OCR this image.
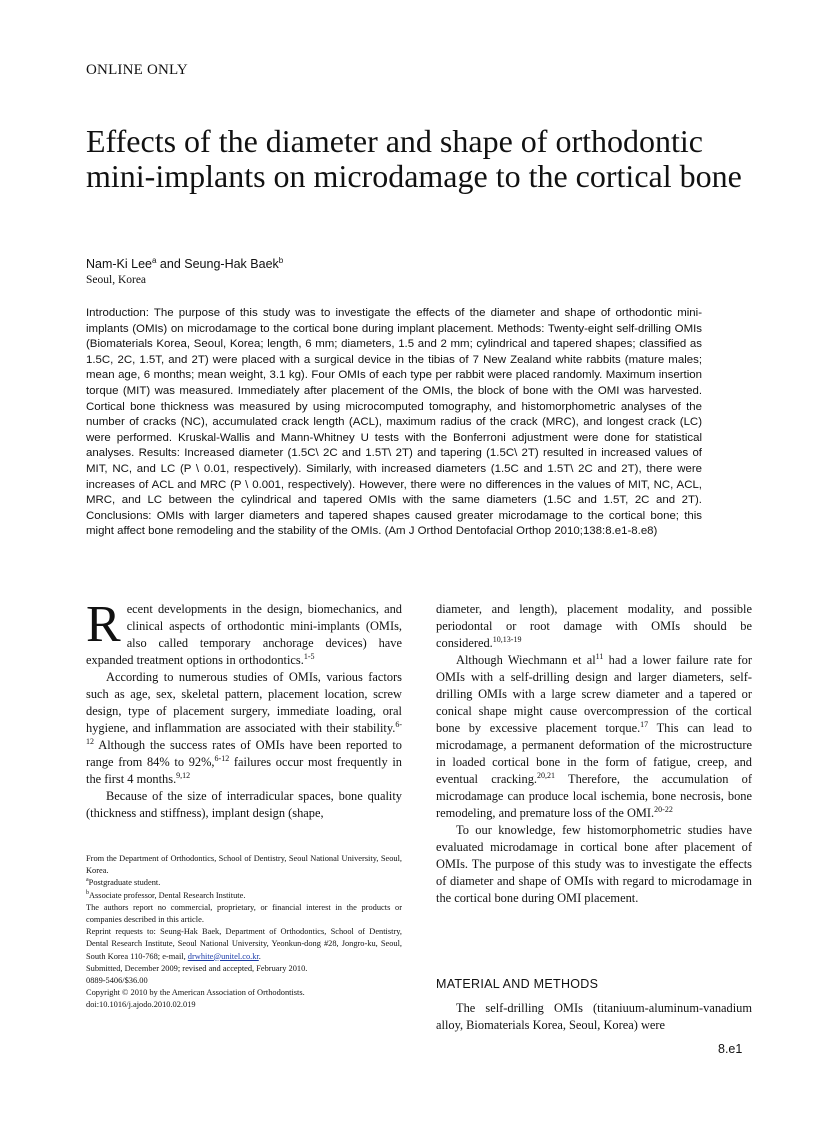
ONLINE ONLY
Effects of the diameter and shape of orthodontic mini-implants on microdamage to the cortical bone
Nam-Ki Lee$^a$ and Seung-Hak Baek$^b$
Seoul, Korea

Introduction: The purpose of this study was to investigate the effects of the diameter and shape of orthodontic mini-implants (OMIs) on microdamage to the cortical bone during implant placement. Methods: Twenty-eight self-drilling OMIs (Biomaterials Korea, Seoul, Korea; length, 6 mm; diameters, 1.5 and 2 mm; cylindrical and tapered shapes; classified as 1.5C, 2C, 1.5T, and 2T) were placed with a surgical device in the tibias of 7 New Zealand white rabbits (mature males; mean age, 6 months; mean weight, 3.1 kg). Four OMIs of each type per rabbit were placed randomly. Maximum insertion torque (MIT) was measured. Immediately after placement of the OMIs, the block of bone with the OMI was harvested. Cortical bone thickness was measured by using microcomputed tomography, and histomorphometric analyses of the number of cracks (NC), accumulated crack length (ACL), maximum radius of the crack (MRC), and longest crack (LC) were performed. Kruskal-Wallis and Mann-Whitney U tests with the Bonferroni adjustment were done for statistical analyses. Results: Increased diameter (1.5C\ 2C and 1.5T\ 2T) and tapering (1.5C\ 2T) resulted in increased values of MIT, NC, and LC (P \ 0.01, respectively). Similarly, with increased diameters (1.5C and 1.5T\ 2C and 2T), there were increases of ACL and MRC (P \ 0.001, respectively). However, there were no differences in the values of MIT, NC, ACL, MRC, and LC between the cylindrical and tapered OMIs with the same diameters (1.5C and 1.5T, 2C and 2T). Conclusions: OMIs with larger diameters and tapered shapes caused greater microdamage to the cortical bone; this might affect bone remodeling and the stability of the OMIs. (Am J Orthod Dentofacial Orthop 2010;138:8.e1-8.e8)

Recent developments in the design, biomechanics, and clinical aspects of orthodontic mini-implants (OMIs, also called temporary anchorage devices) have expanded treatment options in orthodontics.$^{1-5}$

According to numerous studies of OMIs, various factors such as age, sex, skeletal pattern, placement location, screw design, type of placement surgery, immediate loading, oral hygiene, and inflammation are associated with their stability.$^{6-12}$ Although the success rates of OMIs have been reported to range from 84% to 92%,$^{6-12}$ failures occur most frequently in the first 4 months.$^{9,12}$

Because of the size of interradicular spaces, bone quality (thickness and stiffness), implant design (shape,

From the Department of Orthodontics, School of Dentistry, Seoul National University, Seoul, Korea.

$^a$Postgraduate student.

$^b$Associate professor, Dental Research Institute.

The authors report no commercial, proprietary, or financial interest in the products or companies described in this article.

Reprint requests to: Seung-Hak Baek, Department of Orthodontics, School of Dentistry, Dental Research Institute, Seoul National University, Yeonkun-dong #28, Jongro-ku, Seoul, South Korea 110-768; e-mail, drwhite@unitel.co.kr.

Submitted, December 2009; revised and accepted, February 2010.

0889-5406/$36.00

Copyright © 2010 by the American Association of Orthodontists.

doi:10.1016/j.ajodo.2010.02.019

diameter, and length), placement modality, and possible periodontal or root damage with OMIs should be considered.$^{10,13-19}$

Although Wiechmann et $al^{11}$ had a lower failure rate for OMIs with a self-drilling design and larger diameters, self-drilling OMIs with a large screw diameter and a tapered or conical shape might cause overcompression of the cortical bone by excessive placement torque.$^{17}$ This can lead to microdamage, a permanent deformation of the microstructure in loaded cortical bone in the form of fatigue, creep, and eventual cracking.$^{20,21}$ Therefore, the accumulation of microdamage can produce local ischemia, bone necrosis, bone remodeling, and premature loss of the OMI.$^{20-22}$

To our knowledge, few histomorphometric studies have evaluated microdamage in cortical bone after placement of OMIs. The purpose of this study was to investigate the effects of diameter and shape of OMIs with regard to microdamage in the cortical bone during OMI placement.

MATERIAL AND METHODS

The self-drilling OMIs (titaniuum-aluminum-vanadium alloy, Biomaterials Korea, Seoul, Korea) were

8.e1
